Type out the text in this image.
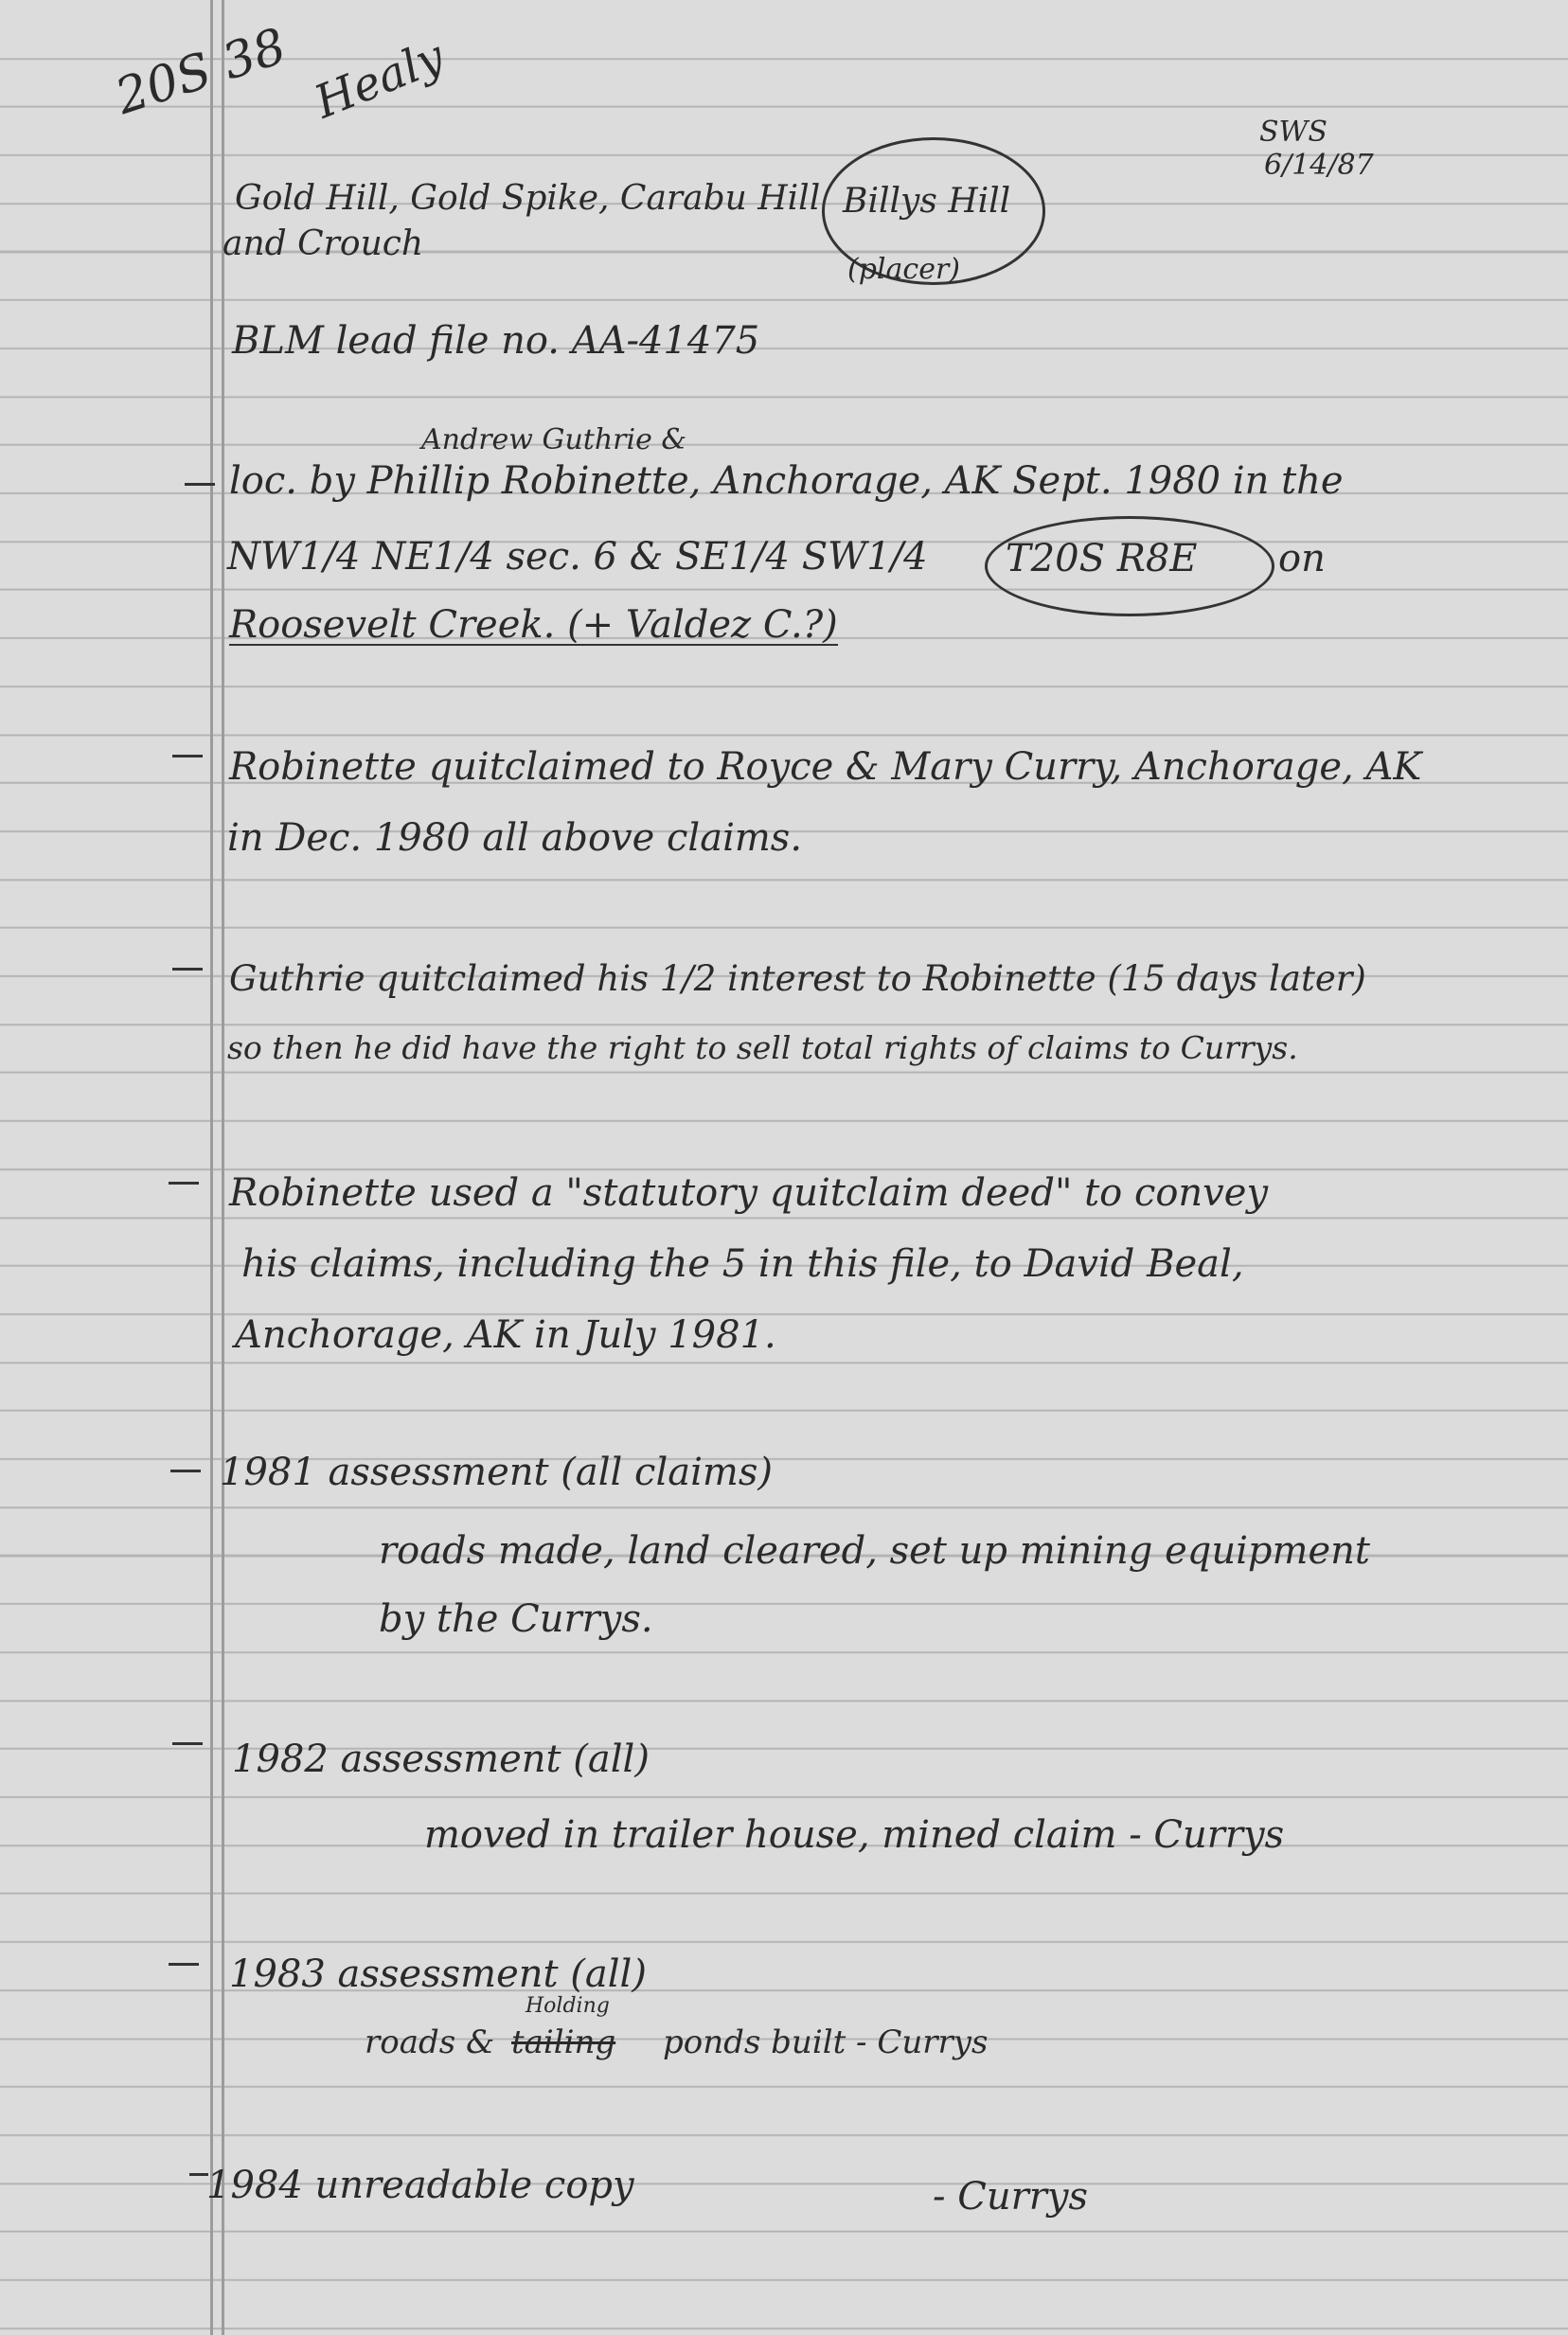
20S 38 Healy
SWS
6/14/87
Gold Hill, Gold Spike, Carabu Hill
and Crouch
Billys Hill
(placer)
BLM lead file no. AA-41475
Andrew Guthrie &
loc. by Phillip Robinette, Anchorage, AK Sept. 1980 in the
NW1/4 NE1/4 sec. 6 & SE1/4 SW1/4 T20S R8E on
Roosevelt Creek. (+ Valdez C.?)
Robinette quitclaimed to Royce & Mary Curry, Anchorage, AK
in Dec. 1980 all above claims.
Guthrie quitclaimed his 1/2 interest to Robinette (15 days later)
so then he did have the right to sell total rights of claims to Currys.
Robinette used a "statutory quitclaim deed" to convey
his claims, including the 5 in this file, to David Beal,
Anchorage, AK in July 1981.
1981 assessment (all claims)
roads made, land cleared, set up mining equipment
by the Currys.
1982 assessment (all)
moved in trailer house, mined claim - Currys
1983 assessment (all)
Holding
roads & tailing ponds built - Currys
1984 unreadable copy	- Currys
